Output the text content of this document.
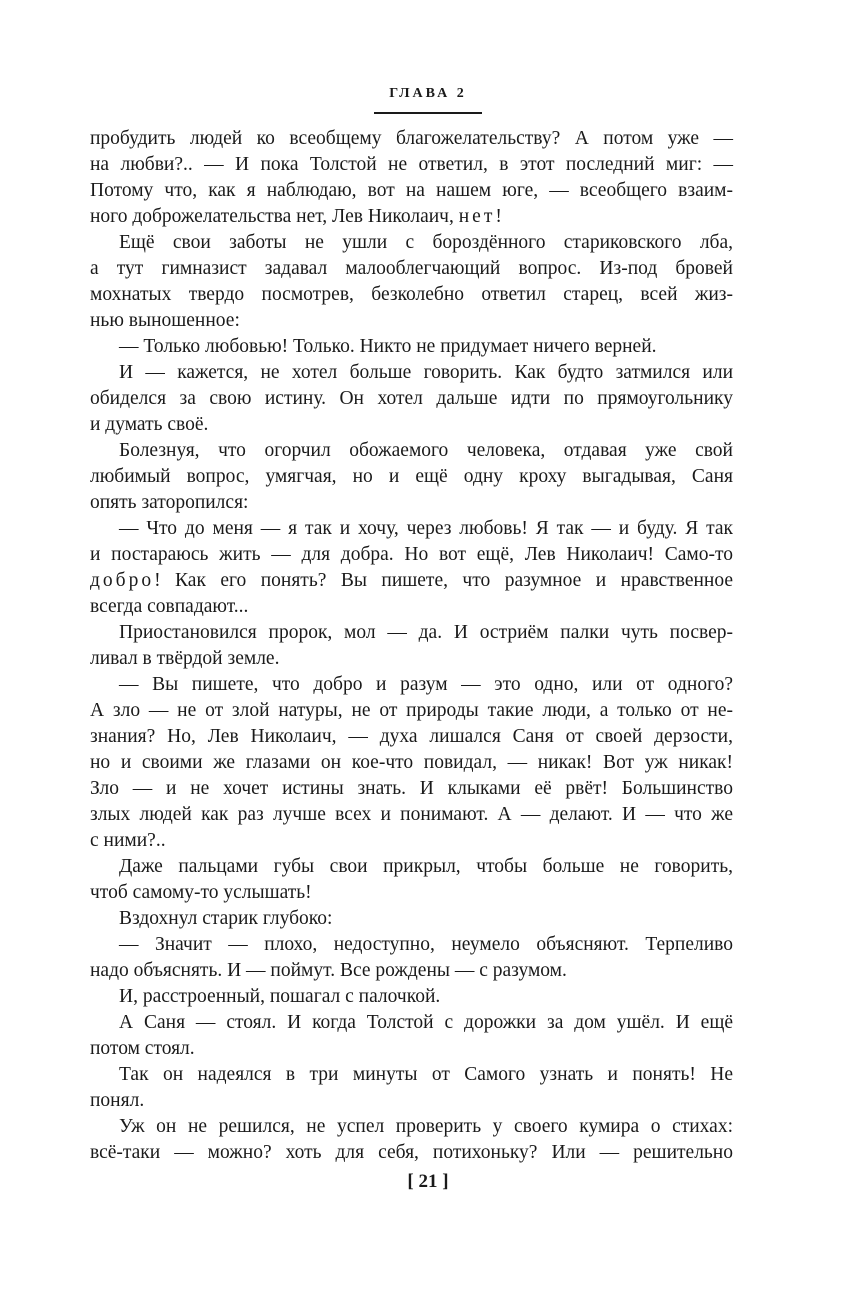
ГЛАВА 2
пробудить людей ко всеобщему благожелательству? А потом уже —
на любви?.. — И пока Толстой не ответил, в этот последний миг: —
Потому что, как я наблюдаю, вот на нашем юге, — всеобщего взаим-
ного доброжелательства нет, Лев Николаич, нет!
Ещё свои заботы не ушли с бороздённого стариковского лба,
а тут гимназист задавал малооблегчающий вопрос. Из-под бровей
мохнатых твердо посмотрев, безколебно ответил старец, всей жиз-
нью выношенное:
— Только любовью! Только. Никто не придумает ничего верней.
И — кажется, не хотел больше говорить. Как будто затмился или
обиделся за свою истину. Он хотел дальше идти по прямоугольнику
и думать своё.
Болезнуя, что огорчил обожаемого человека, отдавая уже свой
любимый вопрос, умягчая, но и ещё одну кроху выгадывая, Саня
опять заторопился:
— Что до меня — я так и хочу, через любовь! Я так — и буду. Я так
и постараюсь жить — для добра. Но вот ещё, Лев Николаич! Само-то
добро! Как его понять? Вы пишете, что разумное и нравственное
всегда совпадают...
Приостановился пророк, мол — да. И остриём палки чуть посвер-
ливал в твёрдой земле.
— Вы пишете, что добро и разум — это одно, или от одного?
А зло — не от злой натуры, не от природы такие люди, а только от не-
знания? Но, Лев Николаич, — духа лишался Саня от своей дерзости,
но и своими же глазами он кое-что повидал, — никак! Вот уж никак!
Зло — и не хочет истины знать. И клыками её рвёт! Большинство
злых людей как раз лучше всех и понимают. А — делают. И — что же
с ними?..
Даже пальцами губы свои прикрыл, чтобы больше не говорить,
чтоб самому-то услышать!
Вздохнул старик глубоко:
— Значит — плохо, недоступно, неумело объясняют. Терпеливо
надо объяснять. И — поймут. Все рождены — с разумом.
И, расстроенный, пошагал с палочкой.
А Саня — стоял. И когда Толстой с дорожки за дом ушёл. И ещё
потом стоял.
Так он надеялся в три минуты от Самого узнать и понять! Не
понял.
Уж он не решился, не успел проверить у своего кумира о стихах:
всё-таки — можно? хоть для себя, потихоньку? Или — решительно
[ 21 ]
